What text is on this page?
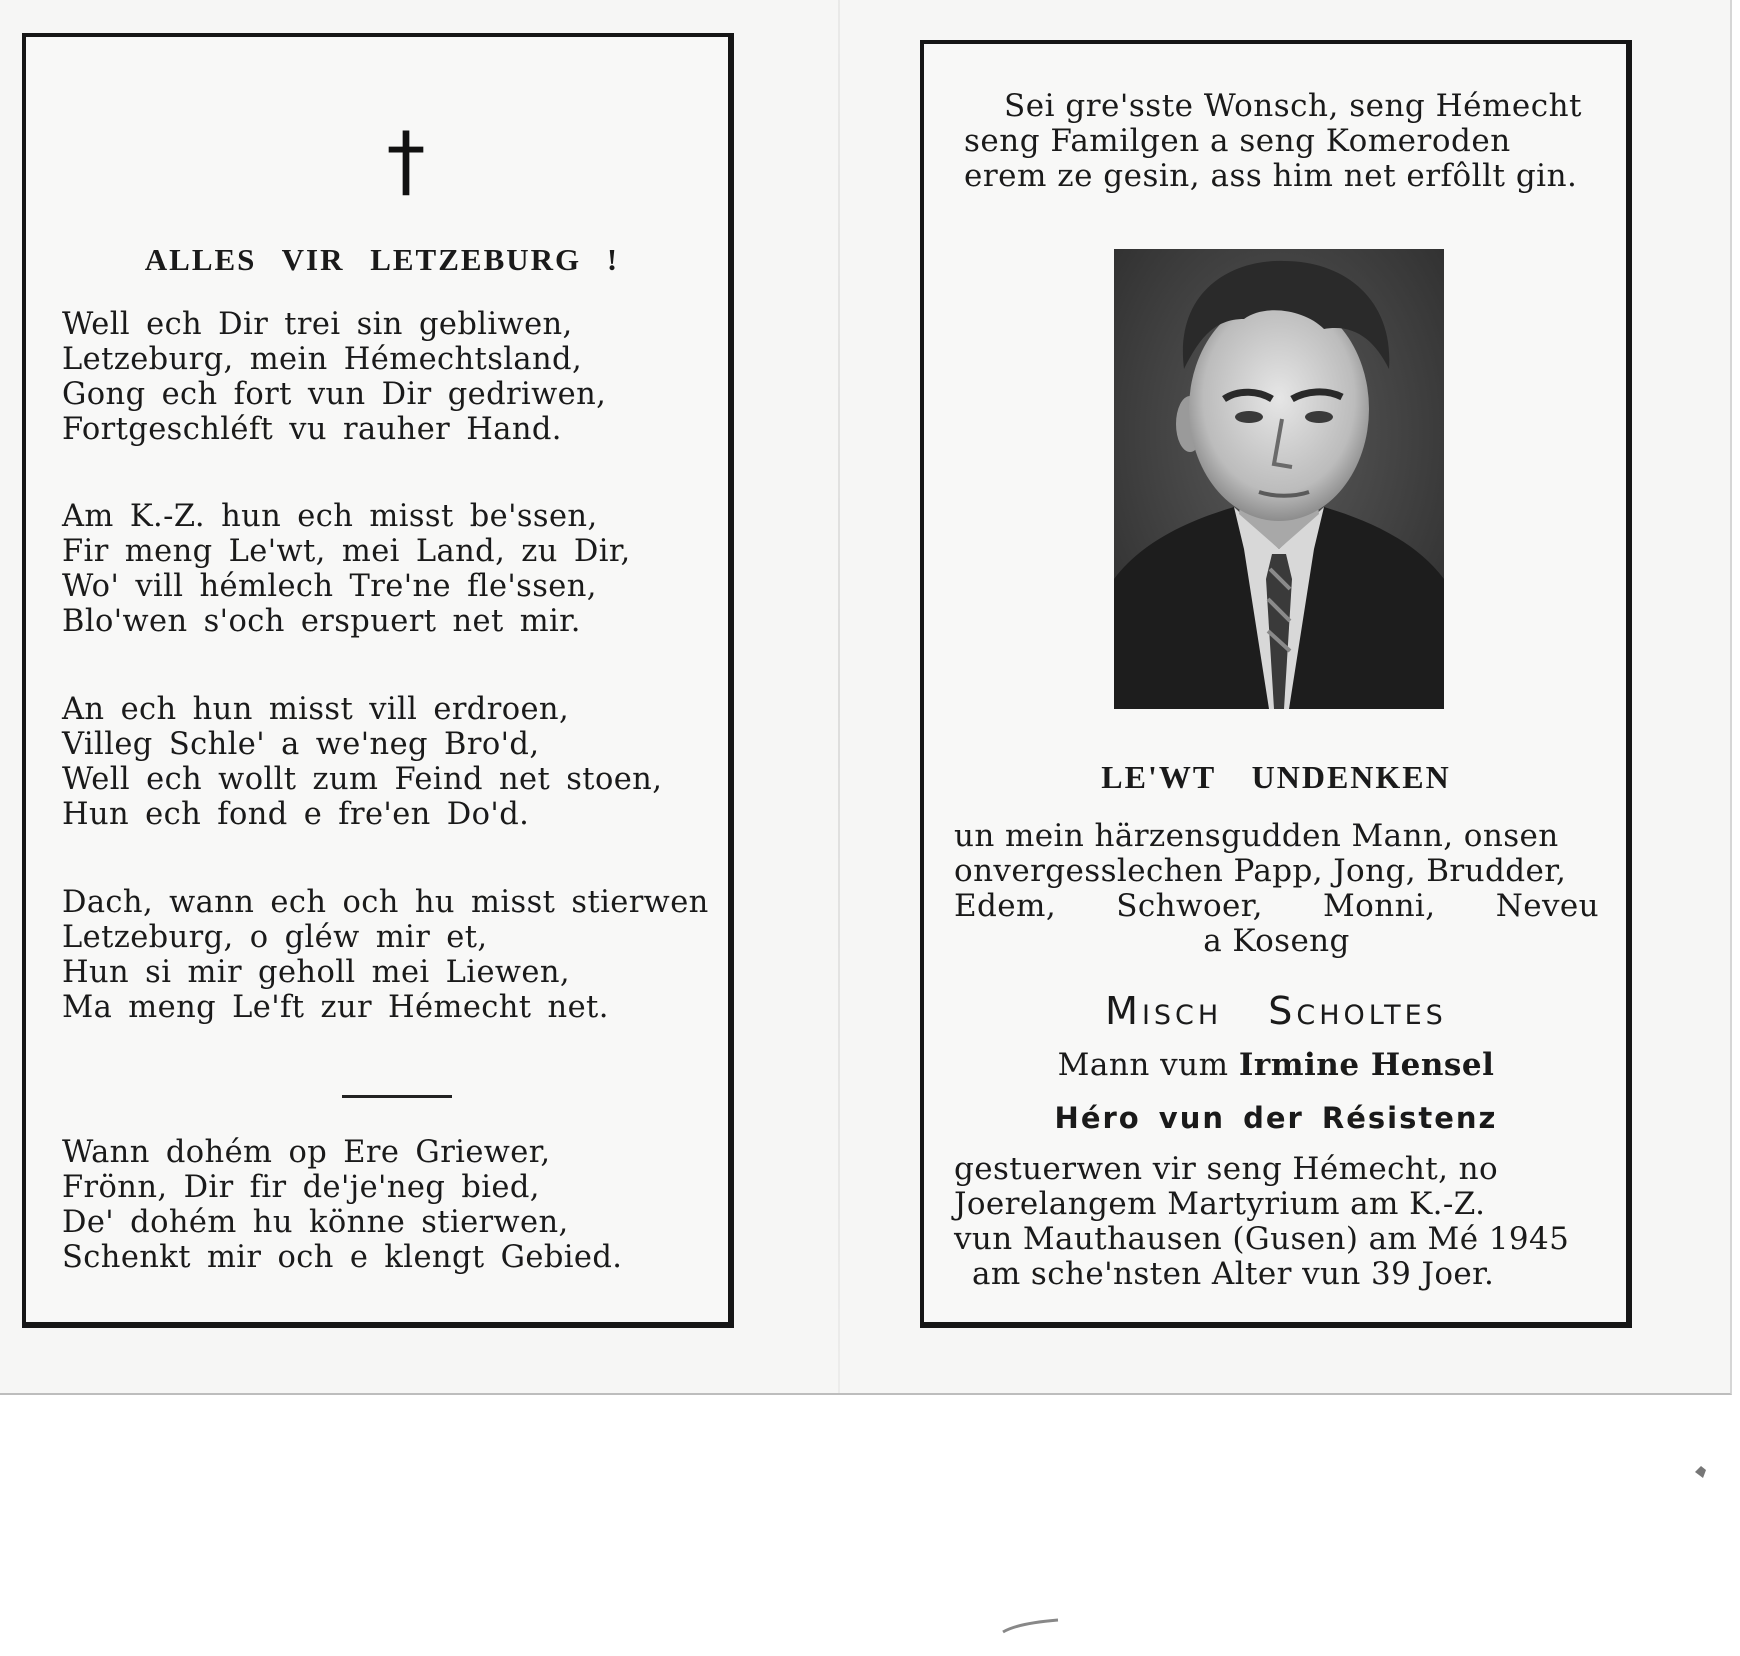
†
ALLES VIR LETZEBURG !
Well ech Dir trei sin gebliwen,
Letzeburg, mein Hémechtsland,
Gong ech fort vun Dir gedriwen,
Fortgeschléft vu rauher Hand.
Am K.-Z. hun ech misst be'ssen,
Fir meng Le'wt, mei Land, zu Dir,
Wo' vill hémlech Tre'ne fle'ssen,
Blo'wen s'och erspuert net mir.
An ech hun misst vill erdroen,
Villeg Schle' a we'neg Bro'd,
Well ech wollt zum Feind net stoen,
Hun ech fond e fre'en Do'd.
Dach, wann ech och hu misst stierwen
Letzeburg, o gléw mir et,
Hun si mir geholl mei Liewen,
Ma meng Le'ft zur Hémecht net.
Wann dohém op Ere Griewer,
Frönn, Dir fir de'je'neg bied,
De' dohém hu könne stierwen,
Schenkt mir och e klengt Gebied.
Sei gre'sste Wonsch, seng Hémecht
seng Familgen a seng Komeroden
erem ze gesin, ass him net erfôllt gin.
LE'WT UNDENKEN
un mein härzensgudden Mann, onsen
onvergesslechen Papp, Jong, Brudder,
Edem, Schwoer, Monni, Neveu
a Koseng
Misch Scholtes
Mann vum Irmine Hensel
Héro vun der Résistenz
gestuerwen vir seng Hémecht, no
Joerelangem Martyrium am K.-Z.
vun Mauthausen (Gusen) am Mé 1945
am sche'nsten Alter vun 39 Joer.
